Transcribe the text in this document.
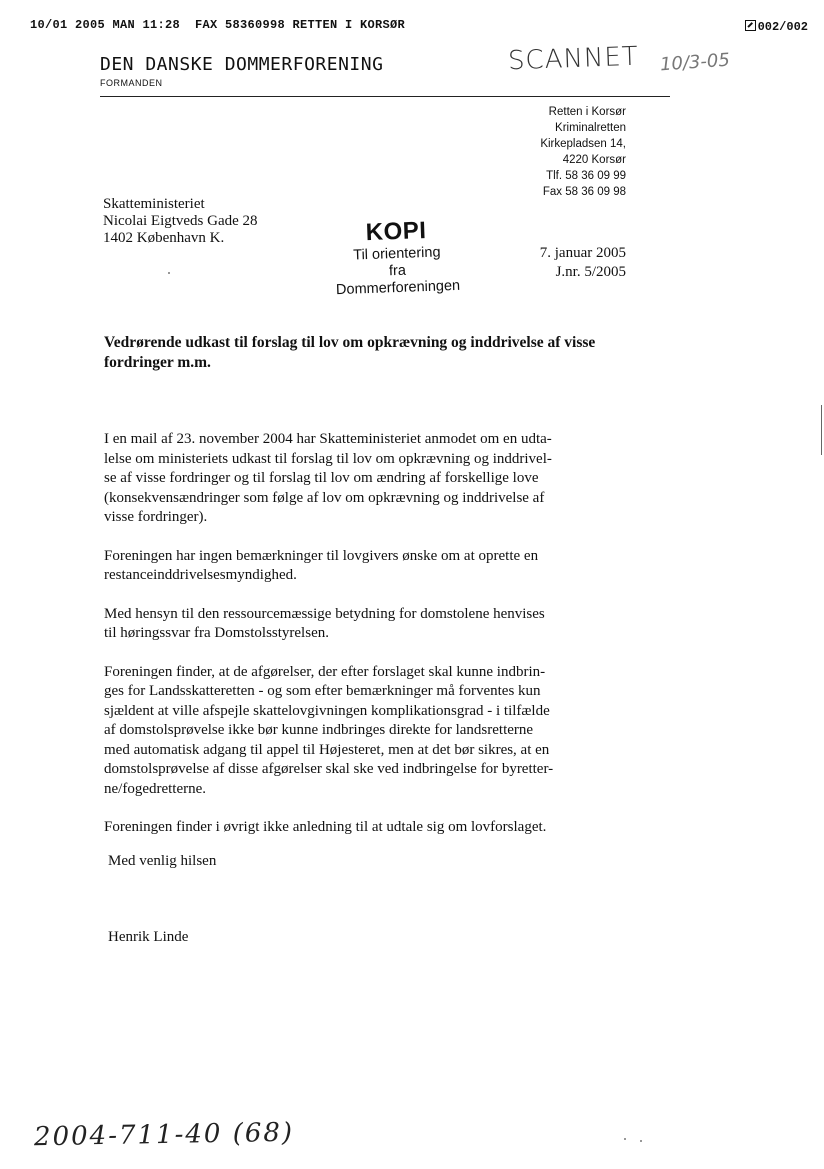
10/01 2005 MAN 11:28  FAX 58360998 RETTEN I KORSØR	002/002
DEN DANSKE DOMMERFORENING
FORMANDEN
SCANNET 10/3-05
Retten i Korsør
Kriminalretten
Kirkepladsen 14,
4220 Korsør
Tlf. 58 36 09 99
Fax 58 36 09 98
Skatteministeriet
Nicolai Eigtveds Gade 28
1402 København K.	KOPI
Til orientering
fra
Dommerforeningen
7. januar 2005
J.nr. 5/2005
Vedrørende udkast til forslag til lov om opkrævning og inddrivelse af visse fordringer m.m.

I en mail af 23. november 2004 har Skatteministeriet anmodet om en udta-
lelse om ministeriets udkast til forslag til lov om opkrævning og inddrivel-
se af visse fordringer og til forslag til lov om ændring af forskellige love
(konsekvensændringer som følge af lov om opkrævning og inddrivelse af
visse fordringer).

Foreningen har ingen bemærkninger til lovgivers ønske om at oprette en
restanceinddrivelsesmyndighed.

Med hensyn til den ressourcemæssige betydning for domstolene henvises
til høringssvar fra Domstolsstyrelsen.

Foreningen finder, at de afgørelser, der efter forslaget skal kunne indbrin-
ges for Landsskatteretten - og som efter bemærkninger må forventes kun
sjældent at ville afspejle skattelovgivningen komplikationsgrad - i tilfælde
af domstolsprøvelse ikke bør kunne indbringes direkte for landsretterne
med automatisk adgang til appel til Højesteret, men at det bør sikres, at en
domstolsprøvelse af disse afgørelser skal ske ved indbringelse for byretter-
ne/fogedretterne.

Foreningen finder i øvrigt ikke anledning til at udtale sig om lovforslaget.

Med venlig hilsen
Henrik Linde
2004-711-40 (68)
